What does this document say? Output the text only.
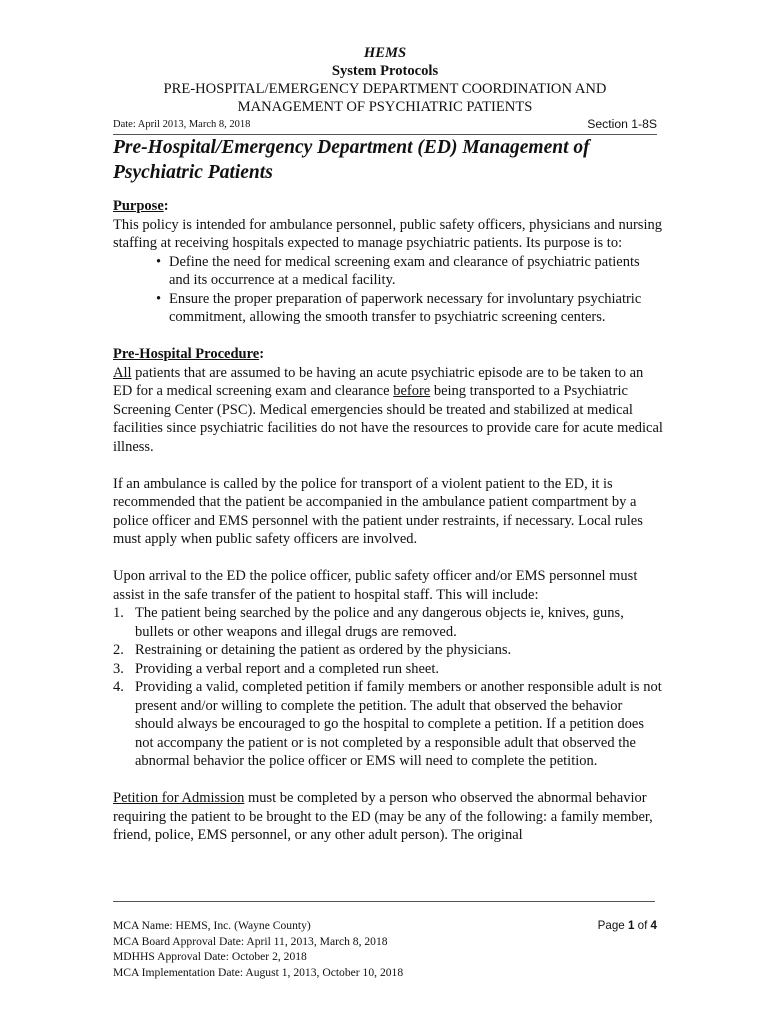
HEMS
System Protocols
PRE-HOSPITAL/EMERGENCY DEPARTMENT COORDINATION AND
MANAGEMENT OF PSYCHIATRIC PATIENTS
Date: April 2013, March 8, 2018	Section 1-8S
Pre-Hospital/Emergency Department (ED) Management of Psychiatric Patients

Purpose:

This policy is intended for ambulance personnel, public safety officers, physicians and nursing staffing at receiving hospitals expected to manage psychiatric patients. Its purpose is to:

• Define the need for medical screening exam and clearance of psychiatric patients and its occurrence at a medical facility.
• Ensure the proper preparation of paperwork necessary for involuntary psychiatric commitment, allowing the smooth transfer to psychiatric screening centers.

Pre-Hospital Procedure:

All patients that are assumed to be having an acute psychiatric episode are to be taken to an ED for a medical screening exam and clearance before being transported to a Psychiatric Screening Center (PSC). Medical emergencies should be treated and stabilized at medical facilities since psychiatric facilities do not have the resources to provide care for acute medical illness.

If an ambulance is called by the police for transport of a violent patient to the ED, it is recommended that the patient be accompanied in the ambulance patient compartment by a police officer and EMS personnel with the patient under restraints, if necessary. Local rules must apply when public safety officers are involved.

Upon arrival to the ED the police officer, public safety officer and/or EMS personnel must assist in the safe transfer of the patient to hospital staff. This will include:

1. The patient being searched by the police and any dangerous objects ie, knives, guns, bullets or other weapons and illegal drugs are removed.
2. Restraining or detaining the patient as ordered by the physicians.
3. Providing a verbal report and a completed run sheet.
4. Providing a valid, completed petition if family members or another responsible adult is not present and/or willing to complete the petition. The adult that observed the behavior should always be encouraged to go the hospital to complete a petition. If a petition does not accompany the patient or is not completed by a responsible adult that observed the abnormal behavior the police officer or EMS will need to complete the petition.

Petition for Admission must be completed by a person who observed the abnormal behavior requiring the patient to be brought to the ED (may be any of the following: a family member, friend, police, EMS personnel, or any other adult person). The original

MCA Name: HEMS, Inc. (Wayne County)
MCA Board Approval Date: April 11, 2013, March 8, 2018
MDHHS Approval Date: October 2, 2018
MCA Implementation Date: August 1, 2013, October 10, 2018
Page 1 of 4
